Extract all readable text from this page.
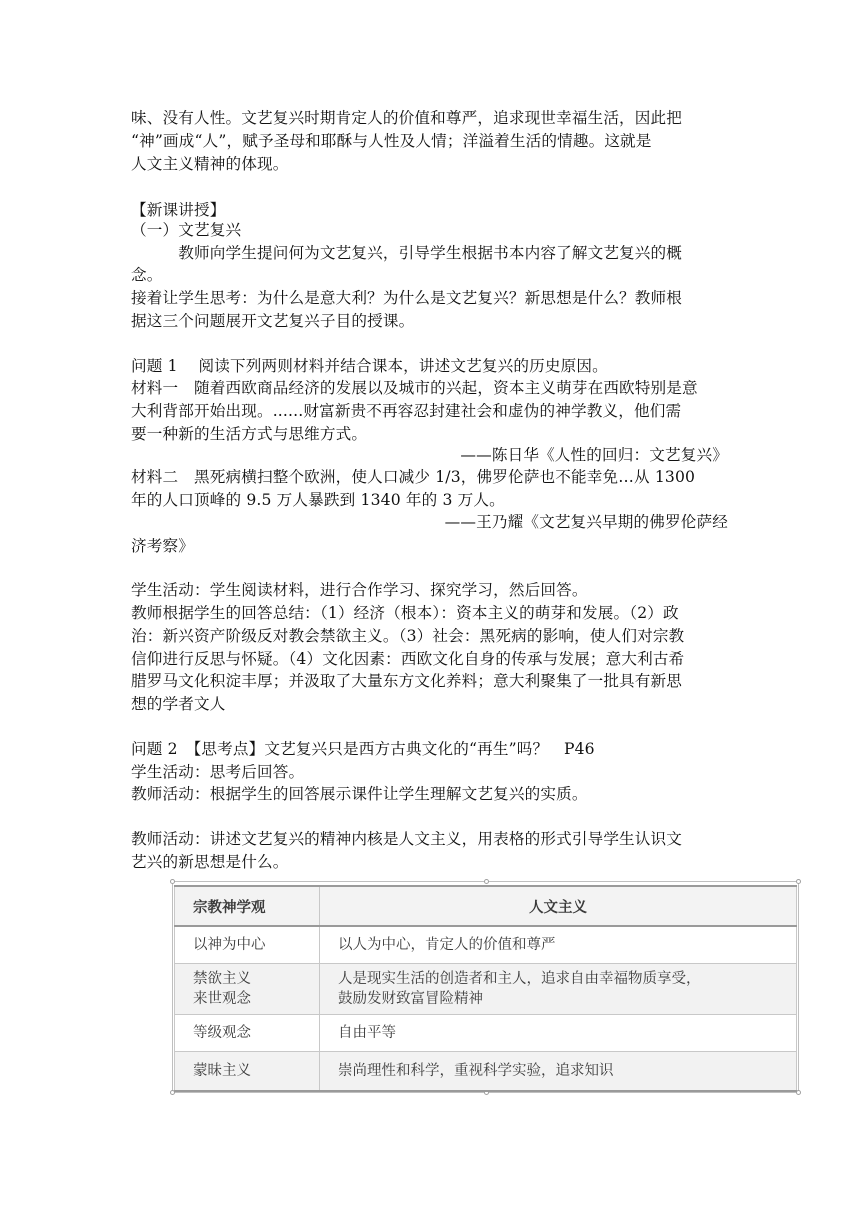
味、没有人性。文艺复兴时期肯定人的价值和尊严，追求现世幸福生活，因此把
“神”画成“人”，赋予圣母和耶酥与人性及人情；洋溢着生活的情趣。这就是
人文主义精神的体现。
【新课讲授】
（一）文艺复兴
　　　教师向学生提问何为文艺复兴，引导学生根据书本内容了解文艺复兴的概
念。
接着让学生思考：为什么是意大利？为什么是文艺复兴？新思想是什么？教师根
据这三个问题展开文艺复兴子目的授课。
问题 1　 阅读下列两则材料并结合课本，讲述文艺复兴的历史原因。
材料一　随着西欧商品经济的发展以及城市的兴起，资本主义萌芽在西欧特别是意
大利背部开始出现。......财富新贵不再容忍封建社会和虚伪的神学教义，他们需
要一种新的生活方式与思维方式。
——陈日华《人性的回归：文艺复兴》
材料二　黑死病横扫整个欧洲，使人口减少 1/3，佛罗伦萨也不能幸免…从 1300
年的人口顶峰的 9.5 万人暴跌到 1340 年的 3 万人。
——王乃耀《文艺复兴早期的佛罗伦萨经
济考察》
学生活动：学生阅读材料，进行合作学习、探究学习，然后回答。
教师根据学生的回答总结：（1）经济（根本）：资本主义的萌芽和发展。（2）政
治：新兴资产阶级反对教会禁欲主义。（3）社会：黑死病的影响，使人们对宗教
信仰进行反思与怀疑。（4）文化因素：西欧文化自身的传承与发展；意大利古希
腊罗马文化积淀丰厚；并汲取了大量东方文化养料；意大利聚集了一批具有新思
想的学者文人
问题 2　【思考点】文艺复兴只是西方古典文化的“再生”吗？　P46
学生活动：思考后回答。
教师活动：根据学生的回答展示课件让学生理解文艺复兴的实质。
教师活动：讲述文艺复兴的精神内核是人文主义，用表格的形式引导学生认识文
艺兴的新思想是什么。
宗教神学观	人文主义

以神为中心	以人为中心，肯定人的价值和尊严

禁欲主义
来世观念	人是现实生活的创造者和主人，追求自由幸福物质享受，
鼓励发财致富冒险精神

等级观念	自由平等

蒙昧主义	崇尚理性和科学，重视科学实验，追求知识
